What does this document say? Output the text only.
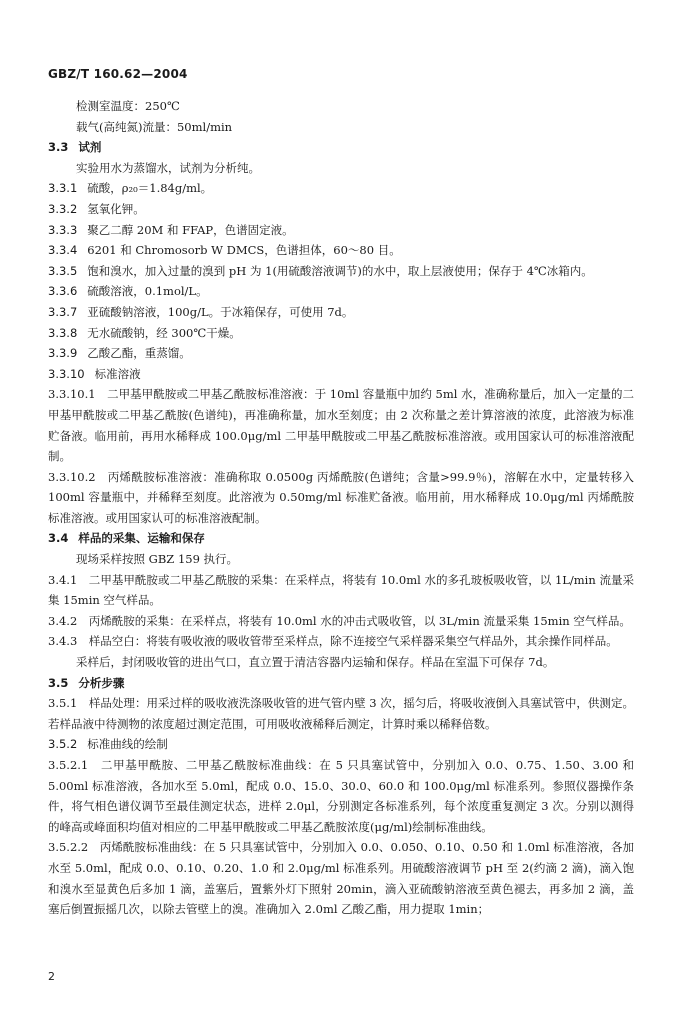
GBZ/T 160.62—2004
检测室温度：250℃
载气(高纯氮)流量：50ml/min
3.3 试剂
实验用水为蒸馏水，试剂为分析纯。
3.3.1 硫酸，ρ₂₀＝1.84g/ml。
3.3.2 氢氧化钾。
3.3.3 聚乙二醇 20M 和 FFAP，色谱固定液。
3.3.4 6201 和 Chromosorb W DMCS，色谱担体，60～80 目。
3.3.5 饱和溴水，加入过量的溴到 pH 为 1(用硫酸溶液调节)的水中，取上层液使用；保存于 4℃冰箱内。
3.3.6 硫酸溶液，0.1mol/L。
3.3.7 亚硫酸钠溶液，100g/L。于冰箱保存，可使用 7d。
3.3.8 无水硫酸钠，经 300℃干燥。
3.3.9 乙酸乙酯，重蒸馏。
3.3.10 标准溶液

3.3.10.1　二甲基甲酰胺或二甲基乙酰胺标准溶液：于 10ml 容量瓶中加约 5ml 水，准确称量后，加入一定量的二甲基甲酰胺或二甲基乙酰胺(色谱纯)，再准确称量，加水至刻度；由 2 次称量之差计算溶液的浓度，此溶液为标准贮备液。临用前，再用水稀释成 100.0μg/ml 二甲基甲酰胺或二甲基乙酰胺标准溶液。或用国家认可的标准溶液配制。

3.3.10.2　丙烯酰胺标准溶液：准确称取 0.0500g 丙烯酰胺(色谱纯；含量>99.9％)，溶解在水中，定量转移入 100ml 容量瓶中，并稀释至刻度。此溶液为 0.50mg/ml 标准贮备液。临用前，用水稀释成 10.0μg/ml 丙烯酰胺标准溶液。或用国家认可的标准溶液配制。

3.4 样品的采集、运输和保存
现场采样按照 GBZ 159 执行。

3.4.1　二甲基甲酰胺或二甲基乙酰胺的采集：在采样点，将装有 10.0ml 水的多孔玻板吸收管，以 1L/min 流量采集 15min 空气样品。

3.4.2　丙烯酰胺的采集：在采样点，将装有 10.0ml 水的冲击式吸收管，以 3L/min 流量采集 15min 空气样品。

3.4.3　样品空白：将装有吸收液的吸收管带至采样点，除不连接空气采样器采集空气样品外，其余操作同样品。

采样后，封闭吸收管的进出气口，直立置于清洁容器内运输和保存。样品在室温下可保存 7d。

3.5 分析步骤

3.5.1　样品处理：用采过样的吸收液洗涤吸收管的进气管内壁 3 次，摇匀后，将吸收液倒入具塞试管中，供测定。若样品液中待测物的浓度超过测定范围，可用吸收液稀释后测定，计算时乘以稀释倍数。

3.5.2 标准曲线的绘制

3.5.2.1　二甲基甲酰胺、二甲基乙酰胺标准曲线：在 5 只具塞试管中，分别加入 0.0、0.75、1.50、3.00 和 5.00ml 标准溶液，各加水至 5.0ml，配成 0.0、15.0、30.0、60.0 和 100.0μg/ml 标准系列。参照仪器操作条件，将气相色谱仪调节至最佳测定状态，进样 2.0μl，分别测定各标准系列，每个浓度重复测定 3 次。分别以测得的峰高或峰面积均值对相应的二甲基甲酰胺或二甲基乙酰胺浓度(μg/ml)绘制标准曲线。

3.5.2.2　丙烯酰胺标准曲线：在 5 只具塞试管中，分别加入 0.0、0.050、0.10、0.50 和 1.0ml 标准溶液，各加水至 5.0ml，配成 0.0、0.10、0.20、1.0 和 2.0μg/ml 标准系列。用硫酸溶液调节 pH 至 2(约滴 2 滴)，滴入饱和溴水至显黄色后多加 1 滴，盖塞后，置紫外灯下照射 20min，滴入亚硫酸钠溶液至黄色褪去，再多加 2 滴，盖塞后倒置振摇几次，以除去管壁上的溴。准确加入 2.0ml 乙酸乙酯，用力提取 1min；

2
